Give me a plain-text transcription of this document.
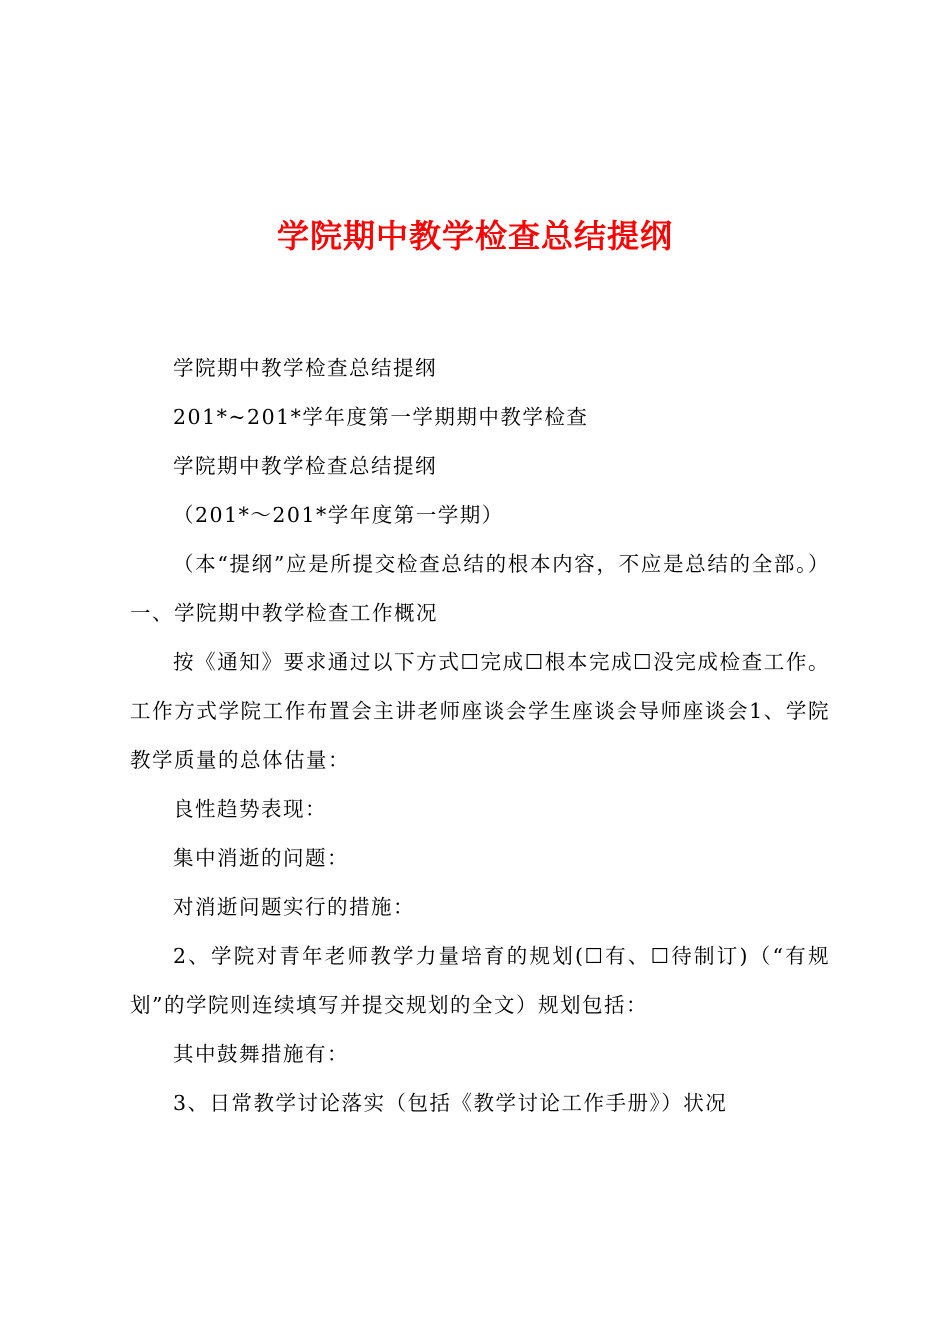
学院期中教学检查总结提纲

学院期中教学检查总结提纲

201*~201*学年度第一学期期中教学检查

学院期中教学检查总结提纲

（201*～201*学年度第一学期）

（本“提纲”应是所提交检查总结的根本内容，不应是总结的全部。）一、学院期中教学检查工作概况

按《通知》要求通过以下方式☐完成☐根本完成☐没完成检查工作。工作方式学院工作布置会主讲老师座谈会学生座谈会导师座谈会1、学院教学质量的总体估量：

良性趋势表现：

集中消逝的问题：

对消逝问题实行的措施：

2、学院对青年老师教学力量培育的规划(☐有、☐待制订)（“有规划”的学院则连续填写并提交规划的全文）规划包括：

其中鼓舞措施有：

3、日常教学讨论落实（包括《教学讨论工作手册》）状况
